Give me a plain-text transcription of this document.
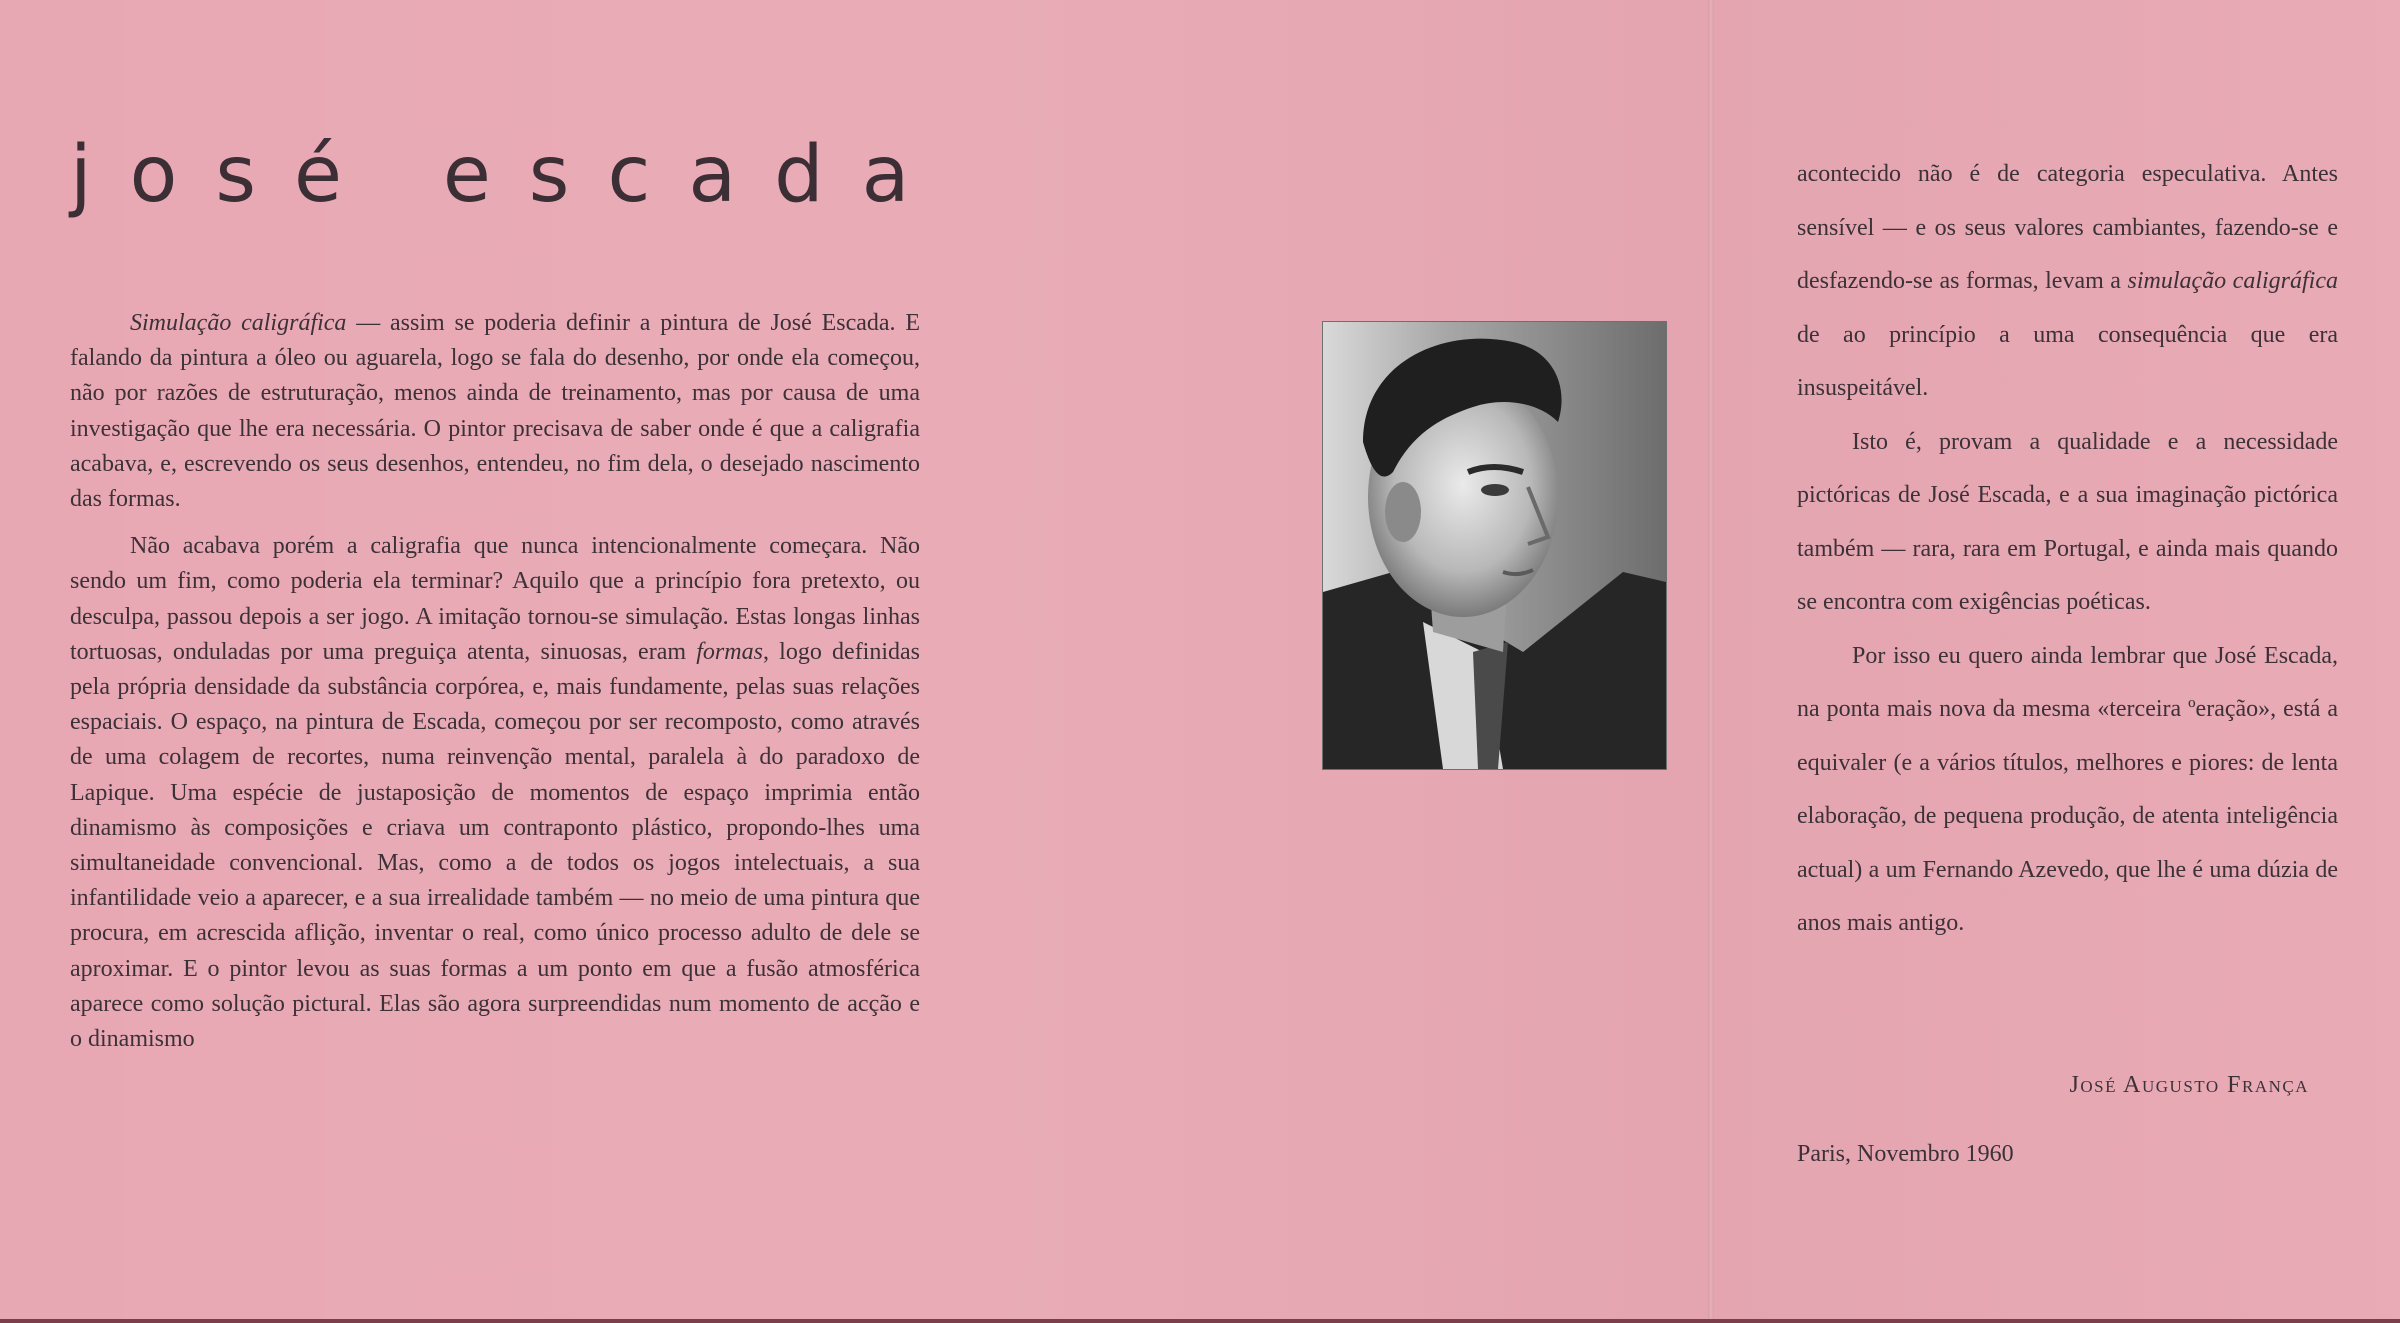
josé escada

Simulação caligráfica — assim se poderia definir a pintura de José Escada. E falando da pintura a óleo ou aguarela, logo se fala do desenho, por onde ela começou, não por razões de estruturação, menos ainda de treinamento, mas por causa de uma investigação que lhe era necessária. O pintor precisava de saber onde é que a caligrafia acabava, e, escrevendo os seus desenhos, entendeu, no fim dela, o desejado nascimento das formas.

Não acabava porém a caligrafia que nunca intencionalmente começara. Não sendo um fim, como poderia ela terminar? Aquilo que a princípio fora pretexto, ou desculpa, passou depois a ser jogo. A imitação tornou-se simulação. Estas longas linhas tortuosas, onduladas por uma preguiça atenta, sinuosas, eram formas, logo definidas pela própria densidade da substância corpórea, e, mais fundamente, pelas suas relações espaciais. O espaço, na pintura de Escada, começou por ser recomposto, como através de uma colagem de recortes, numa reinvenção mental, paralela à do paradoxo de Lapique. Uma espécie de justaposição de momentos de espaço imprimia então dinamismo às composições e criava um contraponto plástico, propondo-lhes uma simultaneidade convencional. Mas, como a de todos os jogos intelectuais, a sua infantilidade veio a aparecer, e a sua irrealidade também — no meio de uma pintura que procura, em acrescida aflição, inventar o real, como único processo adulto de dele se aproximar. E o pintor levou as suas formas a um ponto em que a fusão atmosférica aparece como solução pictural. Elas são agora surpreendidas num momento de acção e o dinamismo

acontecido não é de categoria especulativa. Antes sensível — e os seus valores cambiantes, fazendo-se e desfazendo-se as formas, levam a simulação caligráfica de ao princípio a uma consequência que era insuspeitável.

Isto é, provam a qualidade e a necessidade pictóricas de José Escada, e a sua imaginação pictórica também — rara, rara em Portugal, e ainda mais quando se encontra com exigências poéticas.

Por isso eu quero ainda lembrar que José Escada, na ponta mais nova da mesma «terceira ºeração», está a equivaler (e a vários títulos, melhores e piores: de lenta elaboração, de pequena produção, de atenta inteligência actual) a um Fernando Azevedo, que lhe é uma dúzia de anos mais antigo.

José Augusto França
Paris, Novembro 1960
